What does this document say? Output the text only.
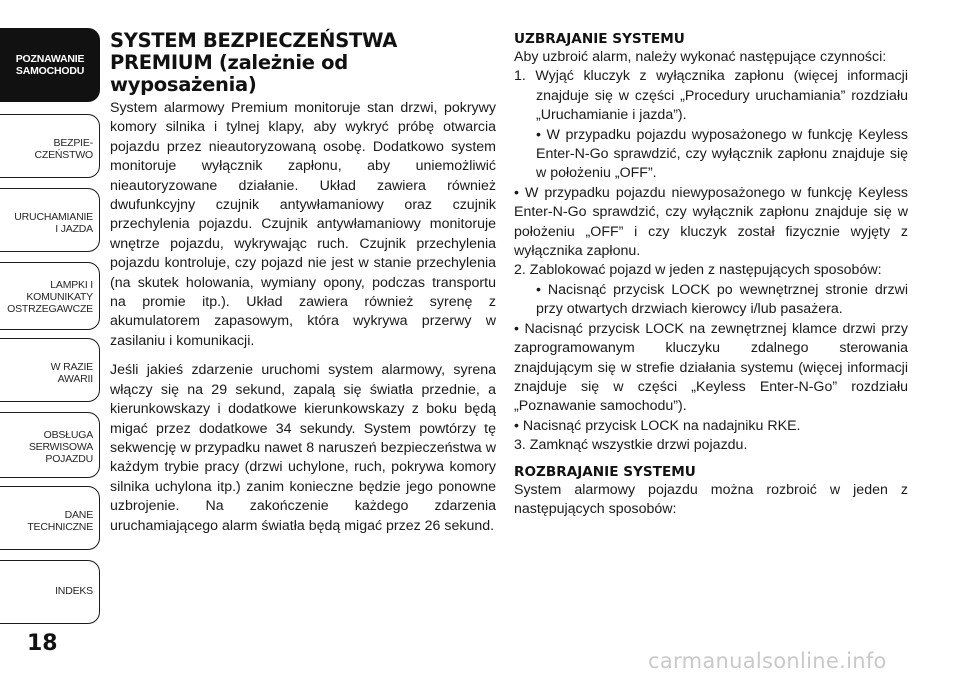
POZNAWANIE
SAMOCHODU

BEZPIE-
CZEŃSTWO

URUCHAMIANIE
I JAZDA

LAMPKI I
KOMUNIKATY
OSTRZEGAWCZE

W RAZIE
AWARII

OBSŁUGA
SERWISOWA
POJAZDU

DANE
TECHNICZNE

INDEKS

SYSTEM BEZPIECZEŃSTWA
PREMIUM (zależnie od
wyposażenia)

System alarmowy Premium monitoruje stan drzwi, pokrywy komory silnika i tylnej klapy, aby wykryć próbę otwarcia pojazdu przez nieautoryzowaną osobę. Dodatkowo system monitoruje wyłącznik zapłonu, aby uniemożliwić nieautoryzowane działanie. Układ zawiera również dwufunkcyjny czujnik antywłamaniowy oraz czujnik przechylenia pojazdu. Czujnik antywłamaniowy monitoruje wnętrze pojazdu, wykrywając ruch. Czujnik przechylenia pojazdu kontroluje, czy pojazd nie jest w stanie przechylenia (na skutek holowania, wymiany opony, podczas transportu na promie itp.). Układ zawiera również syrenę z akumulatorem zapasowym, która wykrywa przerwy w zasilaniu i komunikacji.

Jeśli jakieś zdarzenie uruchomi system alarmowy, syrena włączy się na 29 sekund, zapalą się światła przednie, a kierunkowskazy i dodatkowe kierunkowskazy z boku będą migać przez dodatkowe 34 sekundy. System powtórzy tę sekwencję w przypadku nawet 8 naruszeń bezpieczeństwa w każdym trybie pracy (drzwi uchylone, ruch, pokrywa komory silnika uchylona itp.) zanim konieczne będzie jego ponowne uzbrojenie. Na zakończenie każdego zdarzenia uruchamiającego alarm światła będą migać przez 26 sekund.

UZBRAJANIE SYSTEMU

Aby uzbroić alarm, należy wykonać następujące czynności:

1. Wyjąć kluczyk z wyłącznika zapłonu (więcej informacji znajduje się w części „Procedury uruchamiania” rozdziału „Uruchamianie i jazda”).

• W przypadku pojazdu wyposażonego w funkcję Keyless Enter-N-Go sprawdzić, czy wyłącznik zapłonu znajduje się w położeniu „OFF”.

• W przypadku pojazdu niewyposażonego w funkcję Keyless Enter-N-Go sprawdzić, czy wyłącznik zapłonu znajduje się w położeniu „OFF” i czy kluczyk został fizycznie wyjęty z wyłącznika zapłonu.

2. Zablokować pojazd w jeden z następujących sposobów:

• Nacisnąć przycisk LOCK po wewnętrznej stronie drzwi przy otwartych drzwiach kierowcy i/lub pasażera.

• Nacisnąć przycisk LOCK na zewnętrznej klamce drzwi przy zaprogramowanym kluczyku zdalnego sterowania znajdującym się w strefie działania systemu (więcej informacji znajduje się w części „Keyless Enter-N-Go” rozdziału „Poznawanie samochodu”).

• Nacisnąć przycisk LOCK na nadajniku RKE.

3. Zamknąć wszystkie drzwi pojazdu.

ROZBRAJANIE SYSTEMU

System alarmowy pojazdu można rozbroić w jeden z następujących sposobów:

18
carmanualsonline.info
